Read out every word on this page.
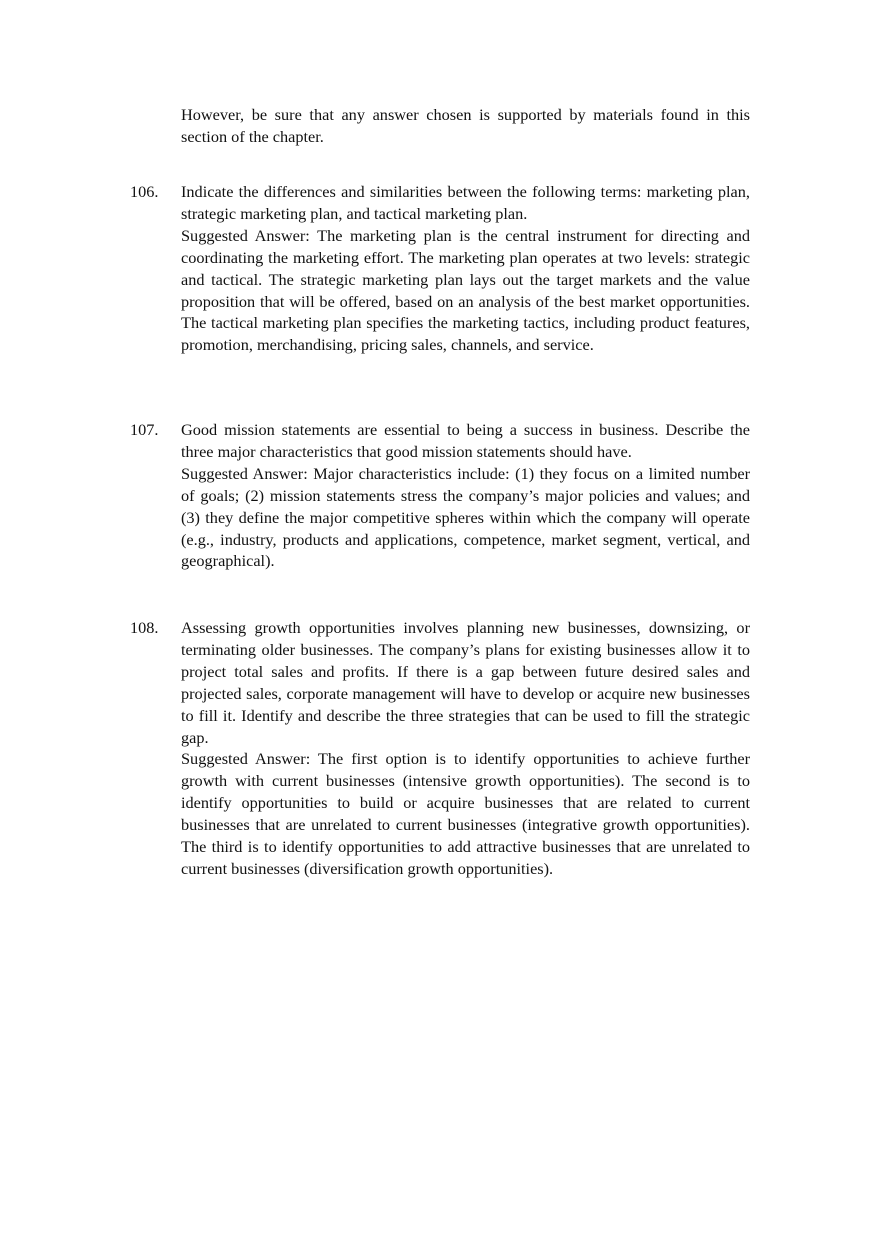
However, be sure that any answer chosen is supported by materials found in this section of the chapter.

106. Indicate the differences and similarities between the following terms: marketing plan, strategic marketing plan, and tactical marketing plan.

Suggested Answer: The marketing plan is the central instrument for directing and coordinating the marketing effort. The marketing plan operates at two levels: strategic and tactical. The strategic marketing plan lays out the target markets and the value proposition that will be offered, based on an analysis of the best market opportunities. The tactical marketing plan specifies the marketing tactics, including product features, promotion, merchandising, pricing sales, channels, and service.

107. Good mission statements are essential to being a success in business. Describe the three major characteristics that good mission statements should have.

Suggested Answer: Major characteristics include: (1) they focus on a limited number of goals; (2) mission statements stress the company’s major policies and values; and (3) they define the major competitive spheres within which the company will operate (e.g., industry, products and applications, competence, market segment, vertical, and geographical).

108. Assessing growth opportunities involves planning new businesses, downsizing, or terminating older businesses. The company’s plans for existing businesses allow it to project total sales and profits. If there is a gap between future desired sales and projected sales, corporate management will have to develop or acquire new businesses to fill it. Identify and describe the three strategies that can be used to fill the strategic gap.

Suggested Answer: The first option is to identify opportunities to achieve further growth with current businesses (intensive growth opportunities). The second is to identify opportunities to build or acquire businesses that are related to current businesses that are unrelated to current businesses (integrative growth opportunities). The third is to identify opportunities to add attractive businesses that are unrelated to current businesses (diversification growth opportunities).
